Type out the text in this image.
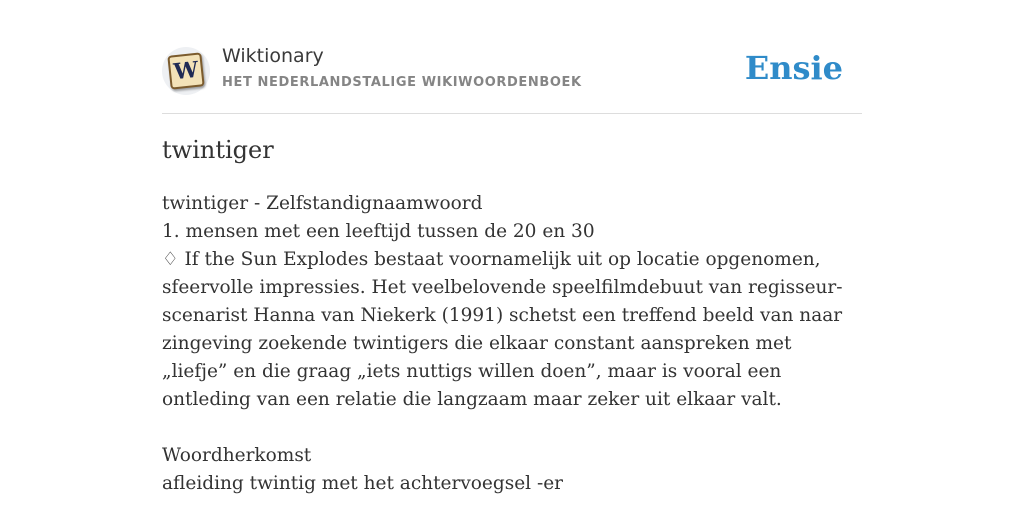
W
Wiktionary
HET NEDERLANDSTALIGE WIKIWOORDENBOEK	Ensie
twintiger
twintiger - Zelfstandignaamwoord
1. mensen met een leeftijd tussen de 20 en 30
♢ If the Sun Explodes bestaat voornamelijk uit op locatie opgenomen, sfeervolle impressies. Het veelbelovende speelfilmdebuut van regisseur-scenarist Hanna van Niekerk (1991) schetst een treffend beeld van naar zingeving zoekende twintigers die elkaar constant aanspreken met „liefje” en die graag „iets nuttigs willen doen”, maar is vooral een ontleding van een relatie die langzaam maar zeker uit elkaar valt.
Woordherkomst
afleiding twintig met het achtervoegsel -er
